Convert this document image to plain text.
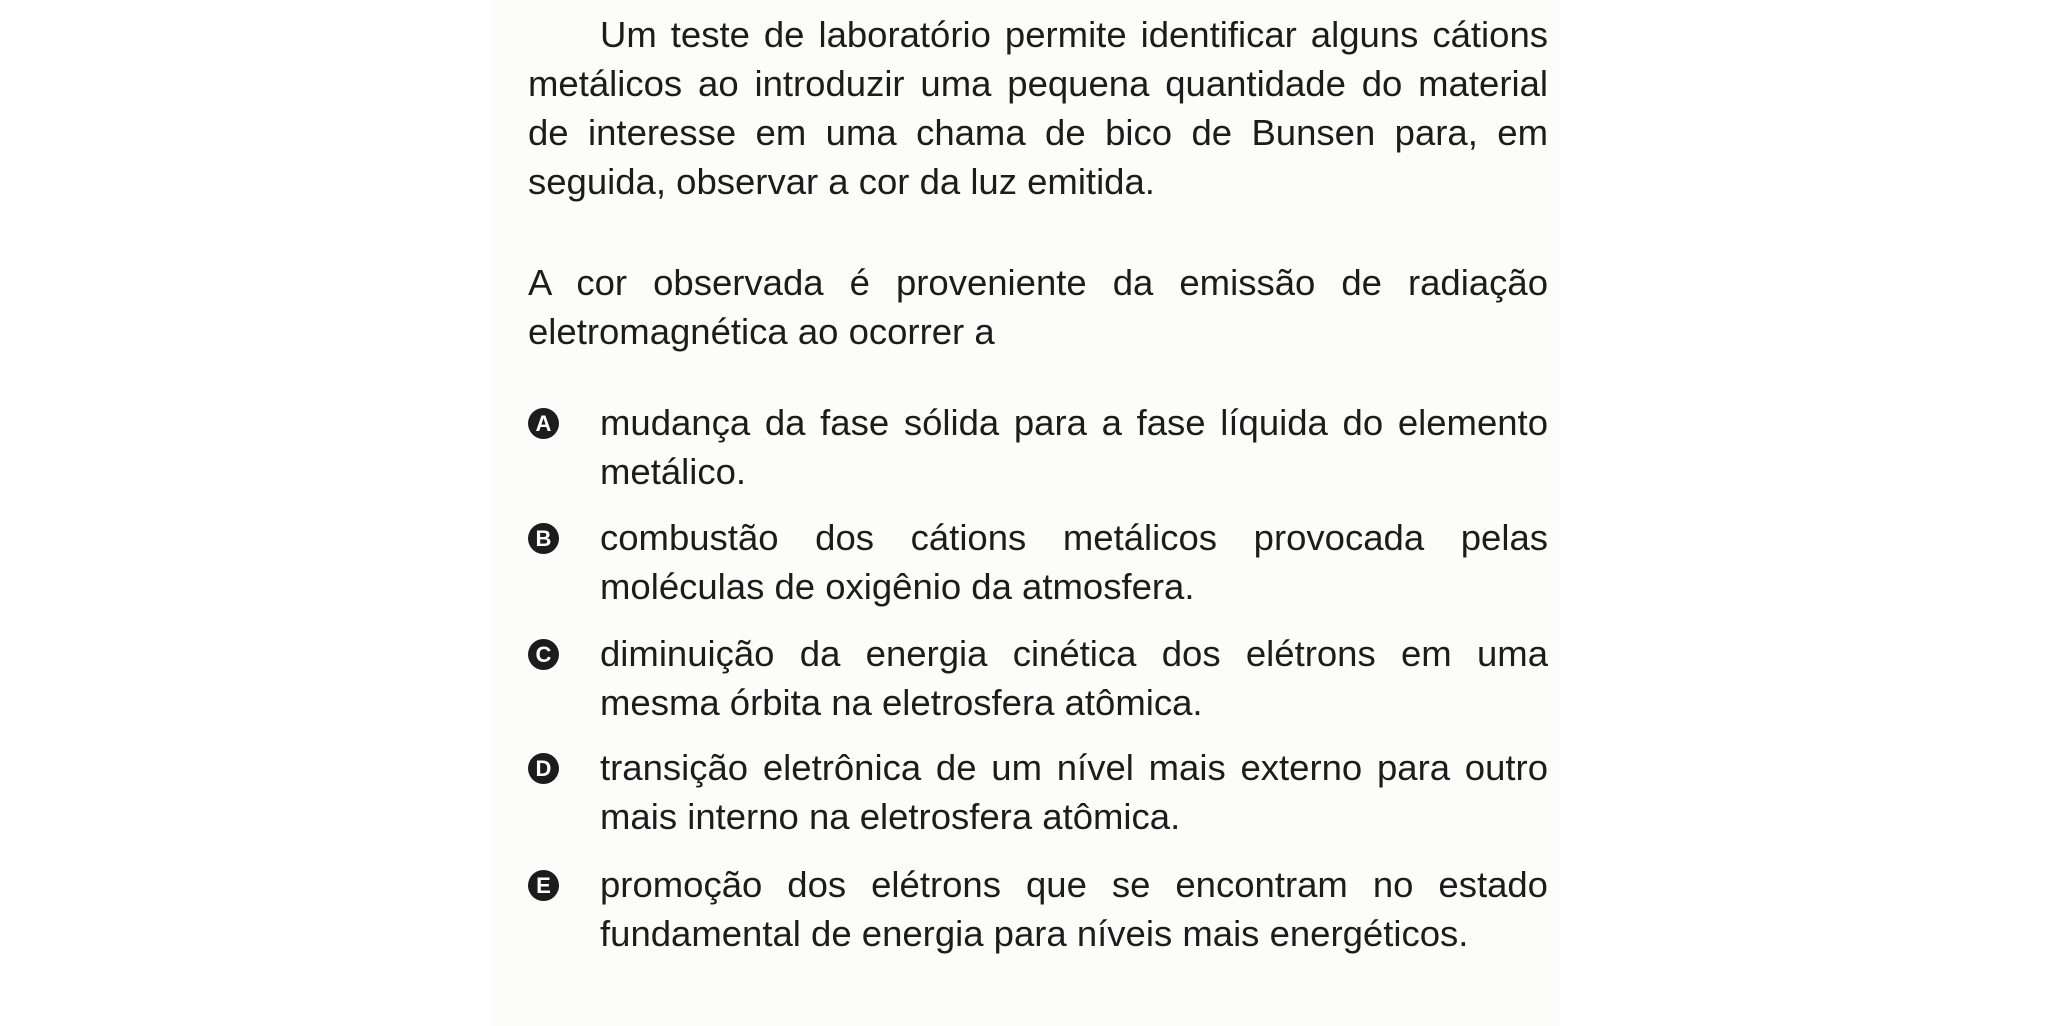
Um teste de laboratório permite identificar alguns cátions metálicos ao introduzir uma pequena quantidade do material de interesse em uma chama de bico de Bunsen para, em seguida, observar a cor da luz emitida.

A cor observada é proveniente da emissão de radiação eletromagnética ao ocorrer a

A mudança da fase sólida para a fase líquida do elemento metálico.

B combustão dos cátions metálicos provocada pelas moléculas de oxigênio da atmosfera.

C diminuição da energia cinética dos elétrons em uma mesma órbita na eletrosfera atômica.

D transição eletrônica de um nível mais externo para outro mais interno na eletrosfera atômica.

E promoção dos elétrons que se encontram no estado fundamental de energia para níveis mais energéticos.
